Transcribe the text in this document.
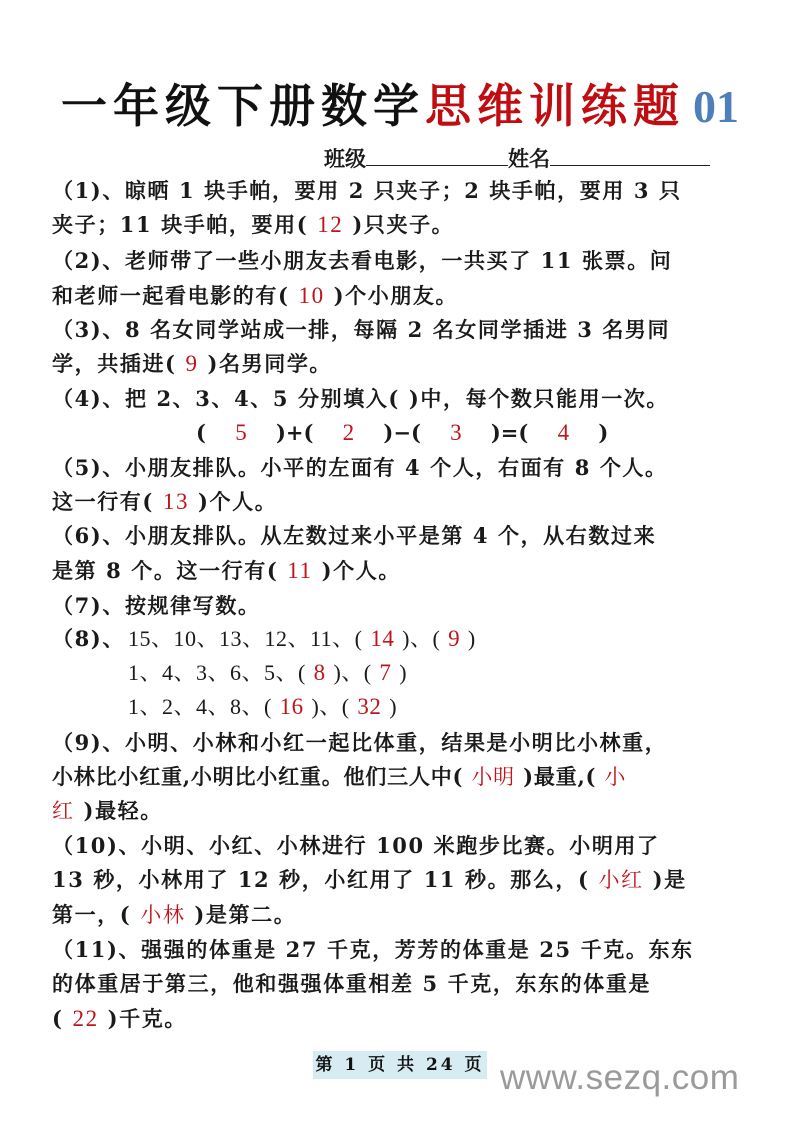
一年级下册数学思维训练题 01
班级	姓名
（1)、晾晒 1 块手帕，要用 2 只夹子；2 块手帕，要用 3 只
夹子；11 块手帕，要用( 12 )只夹子。
（2)、老师带了一些小朋友去看电影，一共买了 11 张票。问
和老师一起看电影的有( 10 )个小朋友。
（3)、8 名女同学站成一排，每隔 2 名女同学插进 3 名男同
学，共插进( 9 )名男同学。
（4)、把 2、3、4、5 分别填入( )中，每个数只能用一次。
( 5 )+( 2 )−( 3 )=( 4 )
（5)、小朋友排队。小平的左面有 4 个人，右面有 8 个人。
这一行有( 13 )个人。
（6)、小朋友排队。从左数过来小平是第 4 个，从右数过来
是第 8 个。这一行有( 11 )个人。
（7)、按规律写数。
（8)、 15、10、13、12、11、( 14 )、( 9 )
1、4、3、6、5、( 8 )、( 7 )
1、2、4、8、( 16 )、( 32 )
（9)、小明、小林和小红一起比体重，结果是小明比小林重，
小林比小红重,小明比小红重。他们三人中( 小明 )最重,( 小
红 )最轻。
（10)、小明、小红、小林进行 100 米跑步比赛。小明用了
13 秒，小林用了 12 秒，小红用了 11 秒。那么，( 小红 )是
第一，( 小林 )是第二。
（11)、强强的体重是 27 千克，芳芳的体重是 25 千克。东东
的体重居于第三，他和强强体重相差 5 千克，东东的体重是
( 22 )千克。
第 1 页 共 24 页 www.sezq.com
